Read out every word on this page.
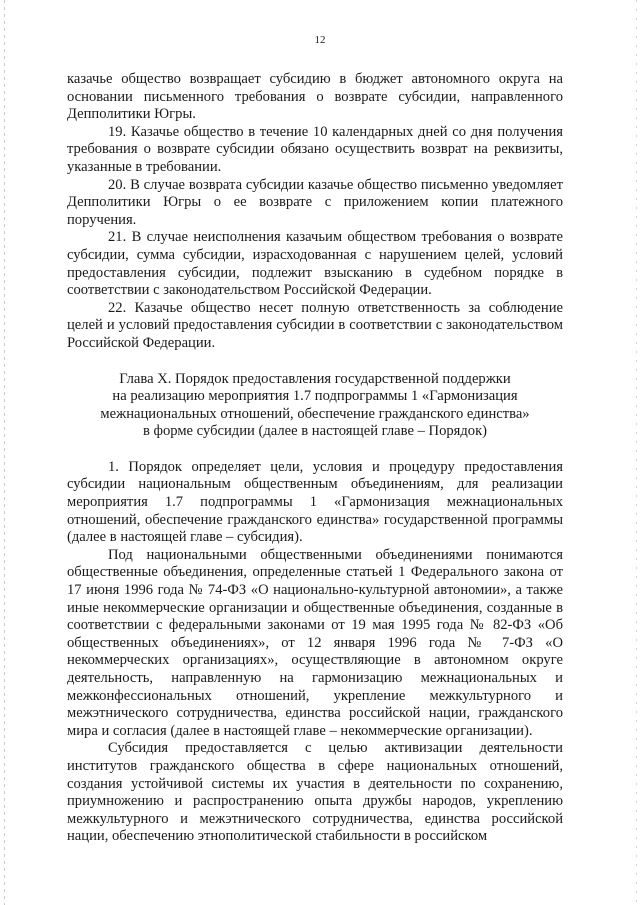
12

казачье общество возвращает субсидию в бюджет автономного округа на основании письменного требования о возврате субсидии, направленного Депполитики Югры.

19. Казачье общество в течение 10 календарных дней со дня получения требования о возврате субсидии обязано осуществить возврат на реквизиты, указанные в требовании.

20. В случае возврата субсидии казачье общество письменно уведомляет Депполитики Югры о ее возврате с приложением копии платежного поручения.

21. В случае неисполнения казачьим обществом требования о возврате субсидии, сумма субсидии, израсходованная с нарушением целей, условий предоставления субсидии, подлежит взысканию в судебном порядке в соответствии с законодательством Российской Федерации.

22. Казачье общество несет полную ответственность за соблюдение целей и условий предоставления субсидии в соответствии с законодательством Российской Федерации.

Глава X. Порядок предоставления государственной поддержки
на реализацию мероприятия 1.7 подпрограммы 1 «Гармонизация
межнациональных отношений, обеспечение гражданского единства»
в форме субсидии (далее в настоящей главе – Порядок)

1. Порядок определяет цели, условия и процедуру предоставления субсидии национальным общественным объединениям, для реализации мероприятия 1.7 подпрограммы 1 «Гармонизация межнациональных отношений, обеспечение гражданского единства» государственной программы (далее в настоящей главе – субсидия).

Под национальными общественными объединениями понимаются общественные объединения, определенные статьей 1 Федерального закона от 17 июня 1996 года № 74-ФЗ «О национально-культурной автономии», а также иные некоммерческие организации и общественные объединения, созданные в соответствии с федеральными законами от 19 мая 1995 года № 82-ФЗ «Об общественных объединениях», от 12 января 1996 года № 7-ФЗ «О некоммерческих организациях», осуществляющие в автономном округе деятельность, направленную на гармонизацию межнациональных и межконфессиональных отношений, укрепление межкультурного и межэтнического сотрудничества, единства российской нации, гражданского мира и согласия (далее в настоящей главе – некоммерческие организации).

Субсидия предоставляется с целью активизации деятельности институтов гражданского общества в сфере национальных отношений, создания устойчивой системы их участия в деятельности по сохранению, приумножению и распространению опыта дружбы народов, укреплению межкультурного и межэтнического сотрудничества, единства российской нации, обеспечению этнополитической стабильности в российском
